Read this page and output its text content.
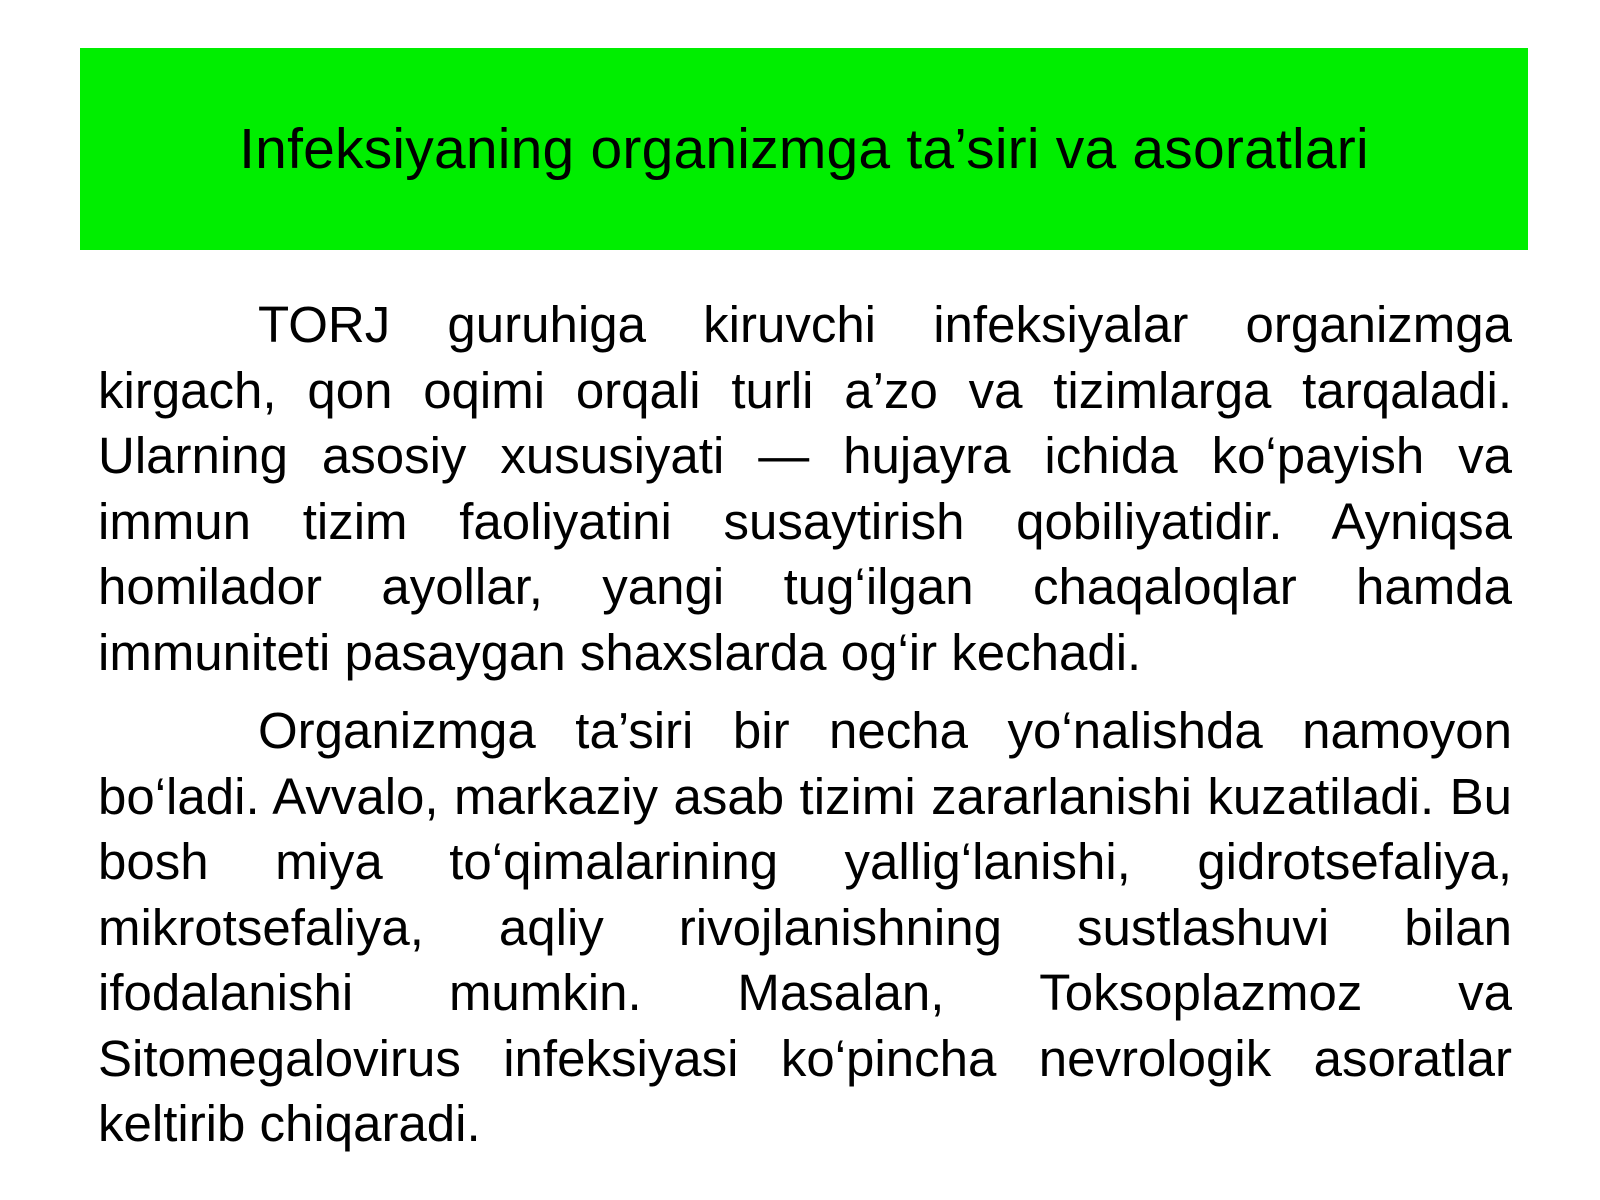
Infeksiyaning organizmga ta’siri va asoratlari

TORJ guruhiga kiruvchi infeksiyalar organizmga kirgach, qon oqimi orqali turli a’zo va tizimlarga tarqaladi. Ularning asosiy xususiyati — hujayra ichida ko‘payish va immun tizim faoliyatini susaytirish qobiliyatidir. Ayniqsa homilador ayollar, yangi tug‘ilgan chaqaloqlar hamda immuniteti pasaygan shaxslarda og‘ir kechadi.

Organizmga ta’siri bir necha yo‘nalishda namoyon bo‘ladi. Avvalo, markaziy asab tizimi zararlanishi kuzatiladi. Bu bosh miya to‘qimalarining yallig‘lanishi, gidrotsefaliya, mikrotsefaliya, aqliy rivojlanishning sustlashuvi bilan ifodalanishi mumkin. Masalan, Toksoplazmoz va Sitomegalovirus infeksiyasi ko‘pincha nevrologik asoratlar keltirib chiqaradi.
